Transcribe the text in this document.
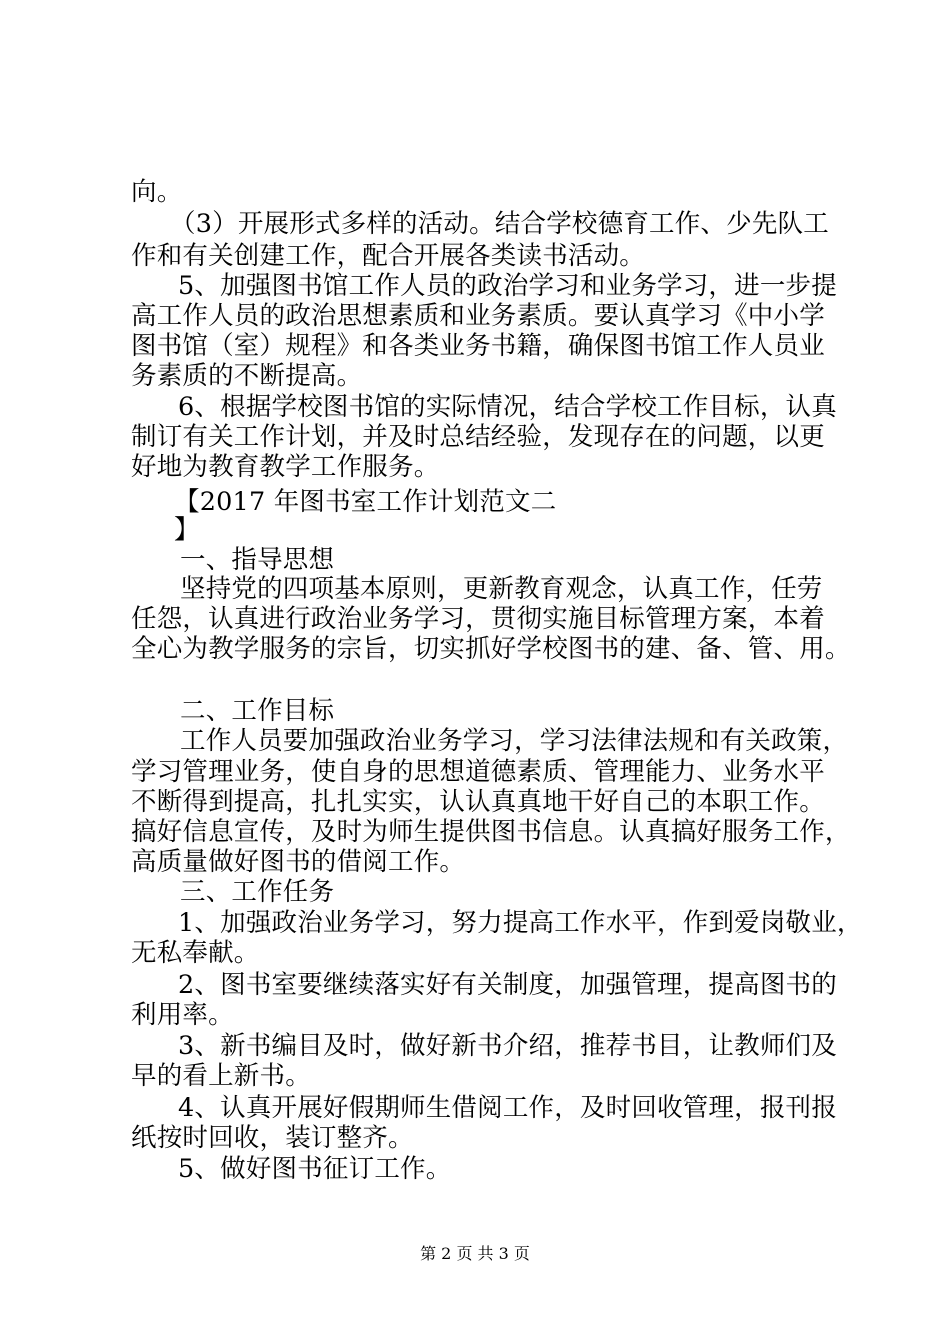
向。
（3）开展形式多样的活动。结合学校德育工作、少先队工
作和有关创建工作，配合开展各类读书活动。
5、加强图书馆工作人员的政治学习和业务学习，进一步提
高工作人员的政治思想素质和业务素质。要认真学习《中小学
图书馆（室）规程》和各类业务书籍，确保图书馆工作人员业
务素质的不断提高。
6、根据学校图书馆的实际情况，结合学校工作目标，认真
制订有关工作计划，并及时总结经验，发现存在的问题，以更
好地为教育教学工作服务。
【2017 年图书室工作计划范文二
】
一、指导思想
坚持党的四项基本原则，更新教育观念，认真工作，任劳
任怨，认真进行政治业务学习，贯彻实施目标管理方案，本着
全心为教学服务的宗旨，切实抓好学校图书的建、备、管、用。
二、工作目标
工作人员要加强政治业务学习，学习法律法规和有关政策，
学习管理业务，使自身的思想道德素质、管理能力、业务水平
不断得到提高，扎扎实实，认认真真地干好自己的本职工作。
搞好信息宣传，及时为师生提供图书信息。认真搞好服务工作，
高质量做好图书的借阅工作。
三、工作任务
1、加强政治业务学习，努力提高工作水平，作到爱岗敬业，
无私奉献。
2、图书室要继续落实好有关制度，加强管理，提高图书的
利用率。
3、新书编目及时，做好新书介绍，推荐书目，让教师们及
早的看上新书。
4、认真开展好假期师生借阅工作，及时回收管理，报刊报
纸按时回收，装订整齐。
5、做好图书征订工作。
第 2 页 共 3 页
